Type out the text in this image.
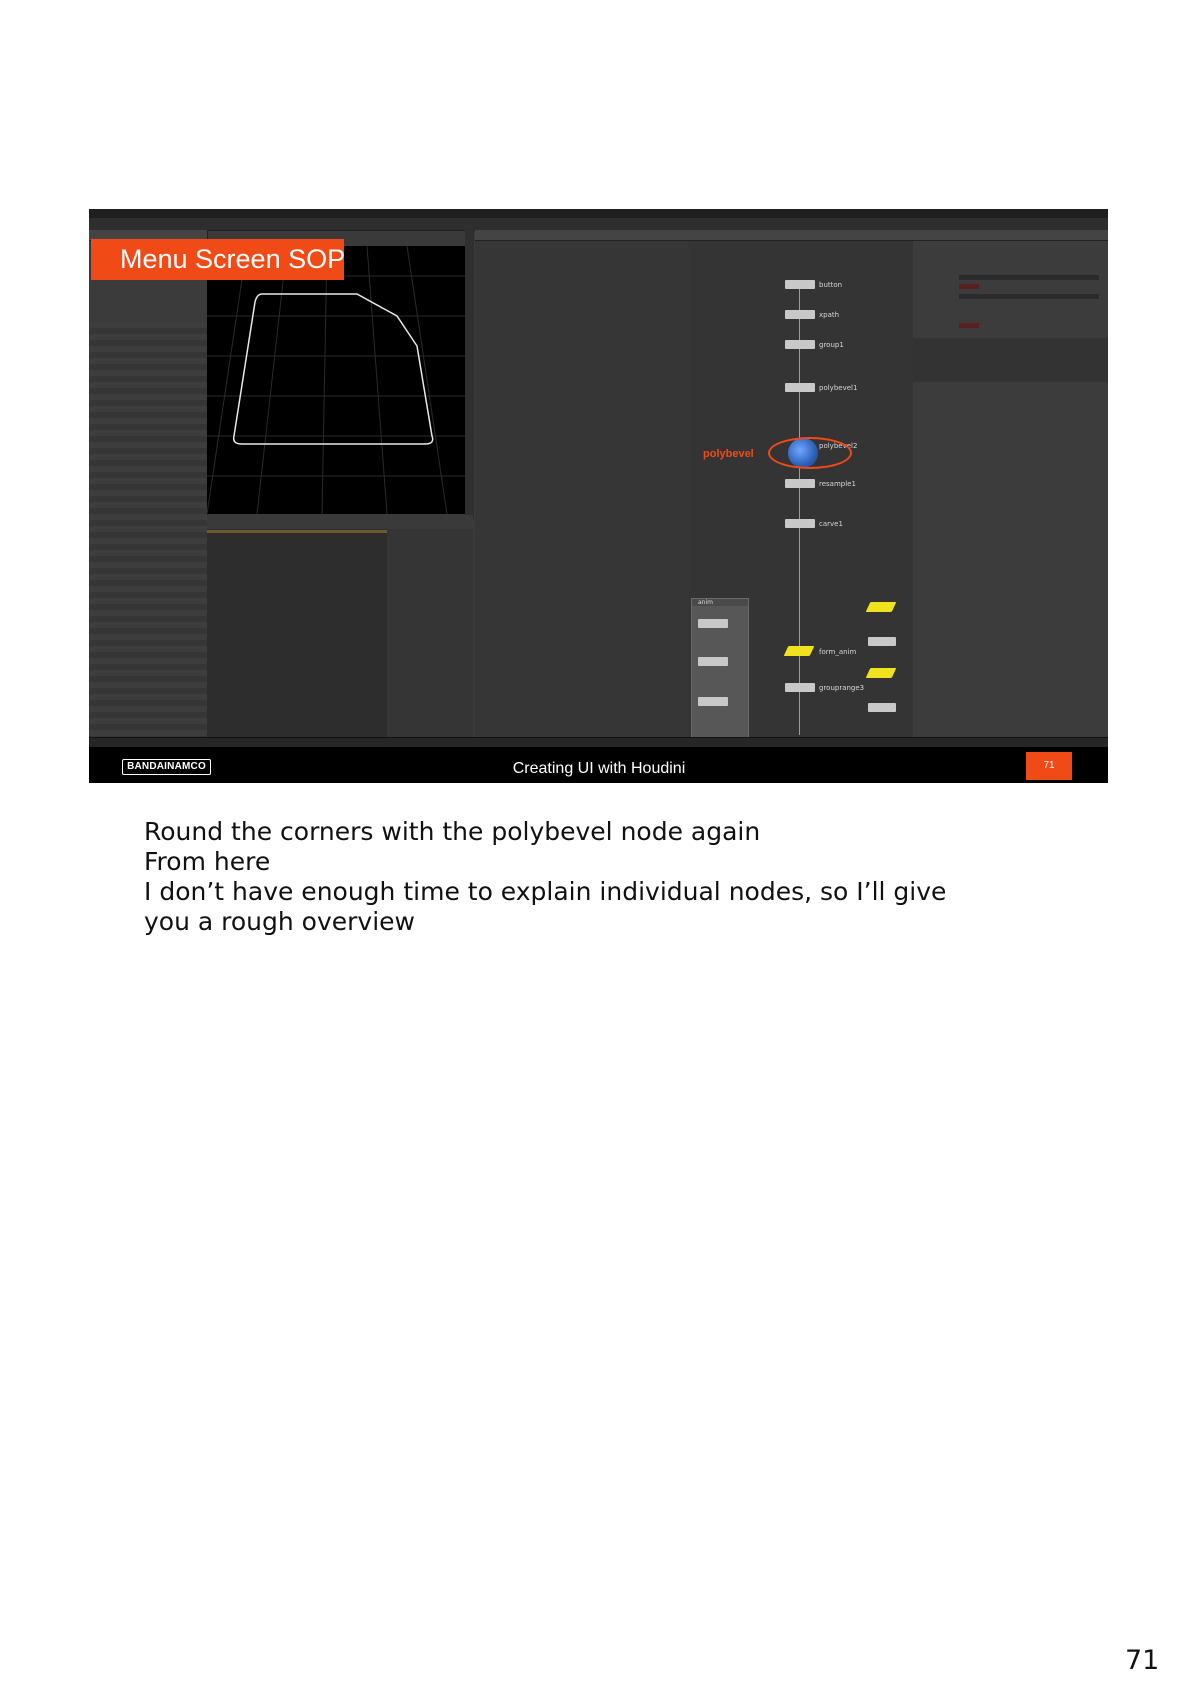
button
xpath
group1
polybevel1
polybevel2
polybevel
resample1
carve1
form_anim
grouprange3
anim
Menu Screen SOP
BANDAINAMCO	Creating UI with Houdini	71
Round the corners with the polybevel node again
From here
I don’t have enough time to explain individual nodes, so I’ll give
you a rough overview
71
